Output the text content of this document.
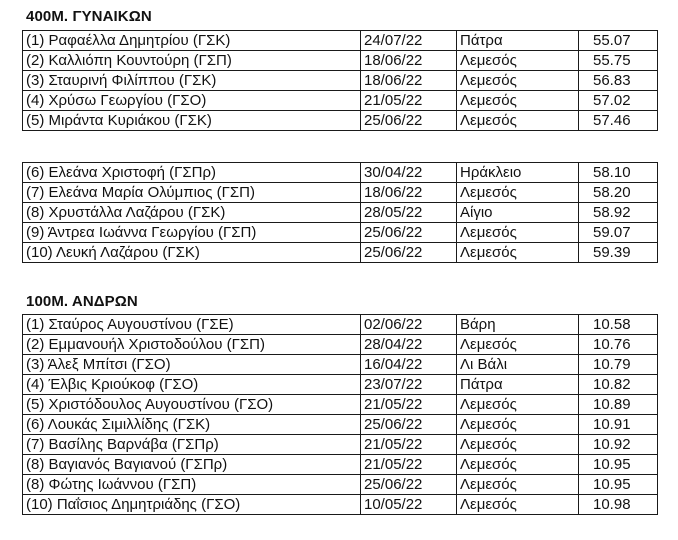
400Μ. ΓΥΝΑΙΚΩΝ
(1) Ραφαέλλα Δημητρίου (ΓΣΚ)	24/07/22	Πάτρα	55.07
(2) Καλλιόπη Κουντούρη (ΓΣΠ)	18/06/22	Λεμεσός	55.75
(3) Σταυρινή Φιλίππου (ΓΣΚ)	18/06/22	Λεμεσός	56.83
(4) Χρύσω Γεωργίου (ΓΣΟ)	21/05/22	Λεμεσός	57.02
(5) Μιράντα Κυριάκου (ΓΣΚ)	25/06/22	Λεμεσός	57.46
(6) Ελεάνα Χριστοφή (ΓΣΠρ)	30/04/22	Ηράκλειο	58.10
(7) Ελεάνα Μαρία Ολύμπιος (ΓΣΠ)	18/06/22	Λεμεσός	58.20
(8) Χρυστάλλα Λαζάρου (ΓΣΚ)	28/05/22	Αίγιο	58.92
(9) Άντρεα Ιωάννα Γεωργίου (ΓΣΠ)	25/06/22	Λεμεσός	59.07
(10) Λευκή Λαζάρου (ΓΣΚ)	25/06/22	Λεμεσός	59.39
100Μ. ΑΝΔΡΩΝ
(1) Σταύρος Αυγουστίνου (ΓΣΕ)	02/06/22	Βάρη	10.58
(2) Εμμανουήλ Χριστοδούλου (ΓΣΠ)	28/04/22	Λεμεσός	10.76
(3) Άλεξ Μπίτσι (ΓΣΟ)	16/04/22	Λι Βάλι	10.79
(4) Έλβις Κριούκοφ (ΓΣΟ)	23/07/22	Πάτρα	10.82
(5) Χριστόδουλος Αυγουστίνου (ΓΣΟ)	21/05/22	Λεμεσός	10.89
(6) Λουκάς Σιμιλλίδης (ΓΣΚ)	25/06/22	Λεμεσός	10.91
(7) Βασίλης Βαρνάβα (ΓΣΠρ)	21/05/22	Λεμεσός	10.92
(8) Βαγιανός Βαγιανού (ΓΣΠρ)	21/05/22	Λεμεσός	10.95
(8) Φώτης Ιωάννου (ΓΣΠ)	25/06/22	Λεμεσός	10.95
(10) Παΐσιος Δημητριάδης (ΓΣΟ)	10/05/22	Λεμεσός	10.98
